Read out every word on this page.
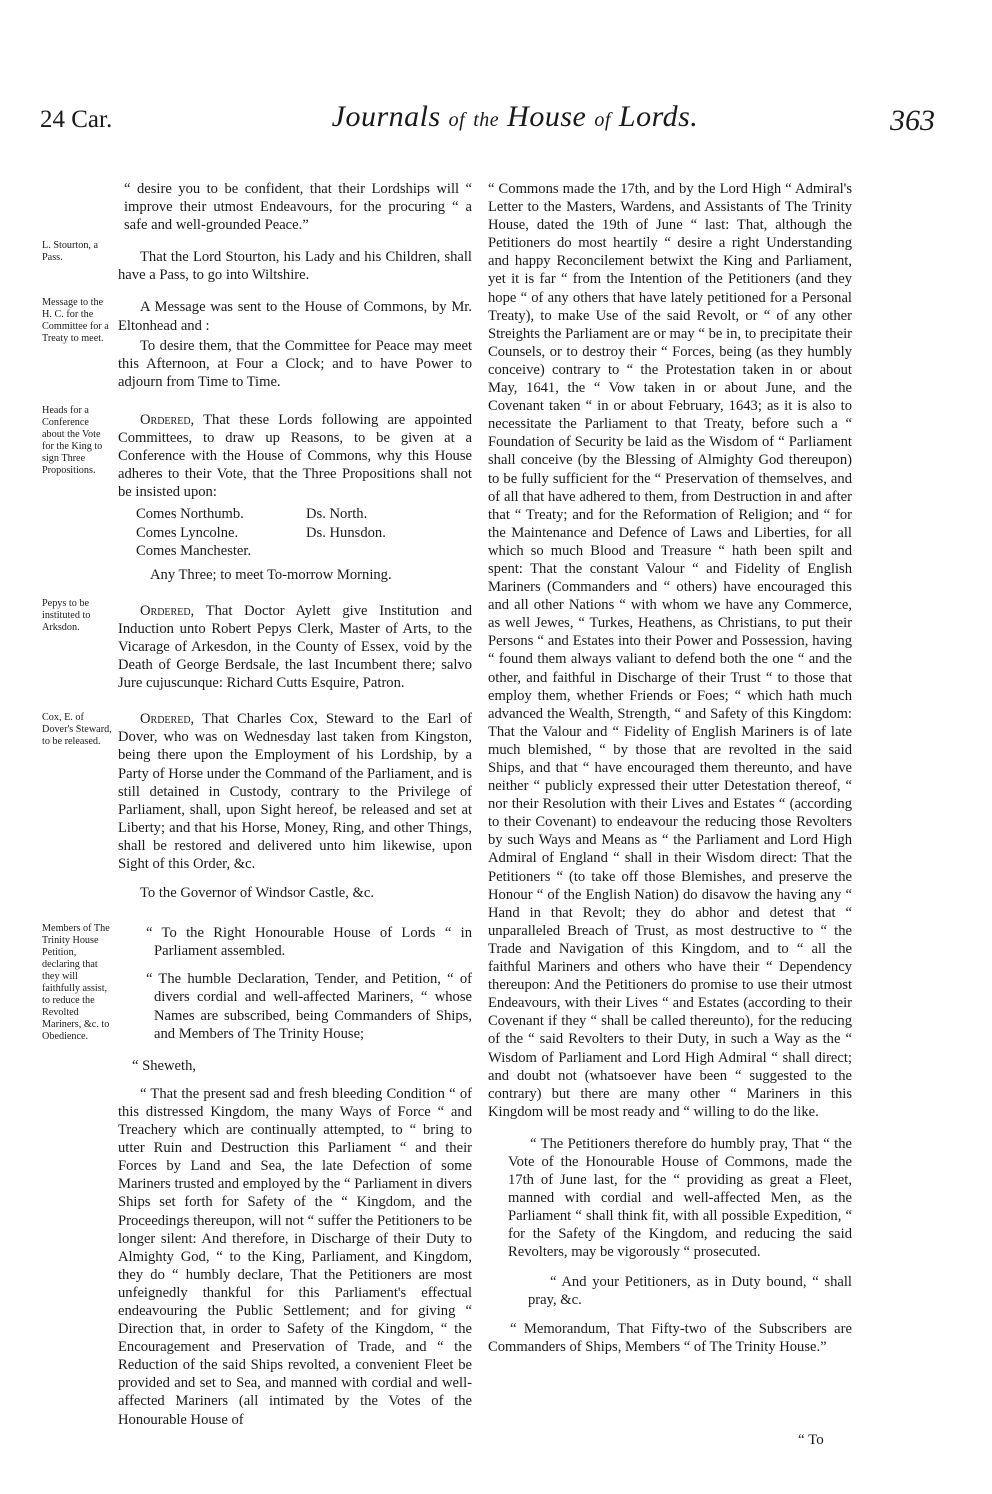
24 Car.	Journals of the House of Lords.	363
L. Stourton, a Pass.
Message to the H. C. for the Committee for a Treaty to meet.
Heads for a Conference about the Vote for the King to sign Three Propositions.
Pepys to be instituted to Arksdon.
Cox, E. of Dover's Steward, to be released.
Members of The Trinity House Petition, declaring that they will faithfully assist, to reduce the Revolted Mariners, &c. to Obedience.

“ desire you to be confident, that their Lordships will “ improve their utmost Endeavours, for the procuring “ a safe and well-grounded Peace.”

That the Lord Stourton, his Lady and his Children, shall have a Pass, to go into Wiltshire.

A Message was sent to the House of Commons, by Mr. Eltonhead and :

To desire them, that the Committee for Peace may meet this Afternoon, at Four a Clock; and to have Power to adjourn from Time to Time.

Ordered, That these Lords following are appointed Committees, to draw up Reasons, to be given at a Conference with the House of Commons, why this House adheres to their Vote, that the Three Propositions shall not be insisted upon:

Comes Northumb.	Ds. North.
Comes Lyncolne.	Ds. Hunsdon.
Comes Manchester.

Any Three; to meet To-morrow Morning.

Ordered, That Doctor Aylett give Institution and Induction unto Robert Pepys Clerk, Master of Arts, to the Vicarage of Arkesdon, in the County of Essex, void by the Death of George Berdsale, the last Incumbent there; salvo Jure cujuscunque: Richard Cutts Esquire, Patron.

Ordered, That Charles Cox, Steward to the Earl of Dover, who was on Wednesday last taken from Kingston, being there upon the Employment of his Lordship, by a Party of Horse under the Command of the Parliament, and is still detained in Custody, contrary to the Privilege of Parliament, shall, upon Sight hereof, be released and set at Liberty; and that his Horse, Money, Ring, and other Things, shall be restored and delivered unto him likewise, upon Sight of this Order, &c.

To the Governor of Windsor Castle, &c.

“ To the Right Honourable House of Lords “ in Parliament assembled.

“ The humble Declaration, Tender, and Petition, “ of divers cordial and well-affected Mariners, “ whose Names are subscribed, being Commanders of Ships, and Members of The Trinity House;

“ Sheweth,

“ That the present sad and fresh bleeding Condition “ of this distressed Kingdom, the many Ways of Force “ and Treachery which are continually attempted, to “ bring to utter Ruin and Destruction this Parliament “ and their Forces by Land and Sea, the late Defection of some Mariners trusted and employed by the “ Parliament in divers Ships set forth for Safety of the “ Kingdom, and the Proceedings thereupon, will not “ suffer the Petitioners to be longer silent: And therefore, in Discharge of their Duty to Almighty God, “ to the King, Parliament, and Kingdom, they do “ humbly declare, That the Petitioners are most unfeignedly thankful for this Parliament's effectual endeavouring the Public Settlement; and for giving “ Direction that, in order to Safety of the Kingdom, “ the Encouragement and Preservation of Trade, and “ the Reduction of the said Ships revolted, a convenient Fleet be provided and set to Sea, and manned with cordial and well-affected Mariners (all intimated by the Votes of the Honourable House of

“ Commons made the 17th, and by the Lord High “ Admiral's Letter to the Masters, Wardens, and Assistants of The Trinity House, dated the 19th of June “ last: That, although the Petitioners do most heartily “ desire a right Understanding and happy Reconcilement betwixt the King and Parliament, yet it is far “ from the Intention of the Petitioners (and they hope “ of any others that have lately petitioned for a Personal Treaty), to make Use of the said Revolt, or “ of any other Streights the Parliament are or may “ be in, to precipitate their Counsels, or to destroy their “ Forces, being (as they humbly conceive) contrary to “ the Protestation taken in or about May, 1641, the “ Vow taken in or about June, and the Covenant taken “ in or about February, 1643; as it is also to necessitate the Parliament to that Treaty, before such a “ Foundation of Security be laid as the Wisdom of “ Parliament shall conceive (by the Blessing of Almighty God thereupon) to be fully sufficient for the “ Preservation of themselves, and of all that have adhered to them, from Destruction in and after that “ Treaty; and for the Reformation of Religion; and “ for the Maintenance and Defence of Laws and Liberties, for all which so much Blood and Treasure “ hath been spilt and spent: That the constant Valour “ and Fidelity of English Mariners (Commanders and “ others) have encouraged this and all other Nations “ with whom we have any Commerce, as well Jewes, “ Turkes, Heathens, as Christians, to put their Persons “ and Estates into their Power and Possession, having “ found them always valiant to defend both the one “ and the other, and faithful in Discharge of their Trust “ to those that employ them, whether Friends or Foes; “ which hath much advanced the Wealth, Strength, “ and Safety of this Kingdom: That the Valour and “ Fidelity of English Mariners is of late much blemished, “ by those that are revolted in the said Ships, and that “ have encouraged them thereunto, and have neither “ publicly expressed their utter Detestation thereof, “ nor their Resolution with their Lives and Estates “ (according to their Covenant) to endeavour the reducing those Revolters by such Ways and Means as “ the Parliament and Lord High Admiral of England “ shall in their Wisdom direct: That the Petitioners “ (to take off those Blemishes, and preserve the Honour “ of the English Nation) do disavow the having any “ Hand in that Revolt; they do abhor and detest that “ unparalleled Breach of Trust, as most destructive to “ the Trade and Navigation of this Kingdom, and to “ all the faithful Mariners and others who have their “ Dependency thereupon: And the Petitioners do promise to use their utmost Endeavours, with their Lives “ and Estates (according to their Covenant if they “ shall be called thereunto), for the reducing of the “ said Revolters to their Duty, in such a Way as the “ Wisdom of Parliament and Lord High Admiral “ shall direct; and doubt not (whatsoever have been “ suggested to the contrary) but there are many other “ Mariners in this Kingdom will be most ready and “ willing to do the like.

“ The Petitioners therefore do humbly pray, That “ the Vote of the Honourable House of Commons, made the 17th of June last, for the “ providing as great a Fleet, manned with cordial and well-affected Men, as the Parliament “ shall think fit, with all possible Expedition, “ for the Safety of the Kingdom, and reducing the said Revolters, may be vigorously “ prosecuted.

“ And your Petitioners, as in Duty bound, “ shall pray, &c.

“ Memorandum, That Fifty-two of the Subscribers are Commanders of Ships, Members “ of The Trinity House.”

“ To
